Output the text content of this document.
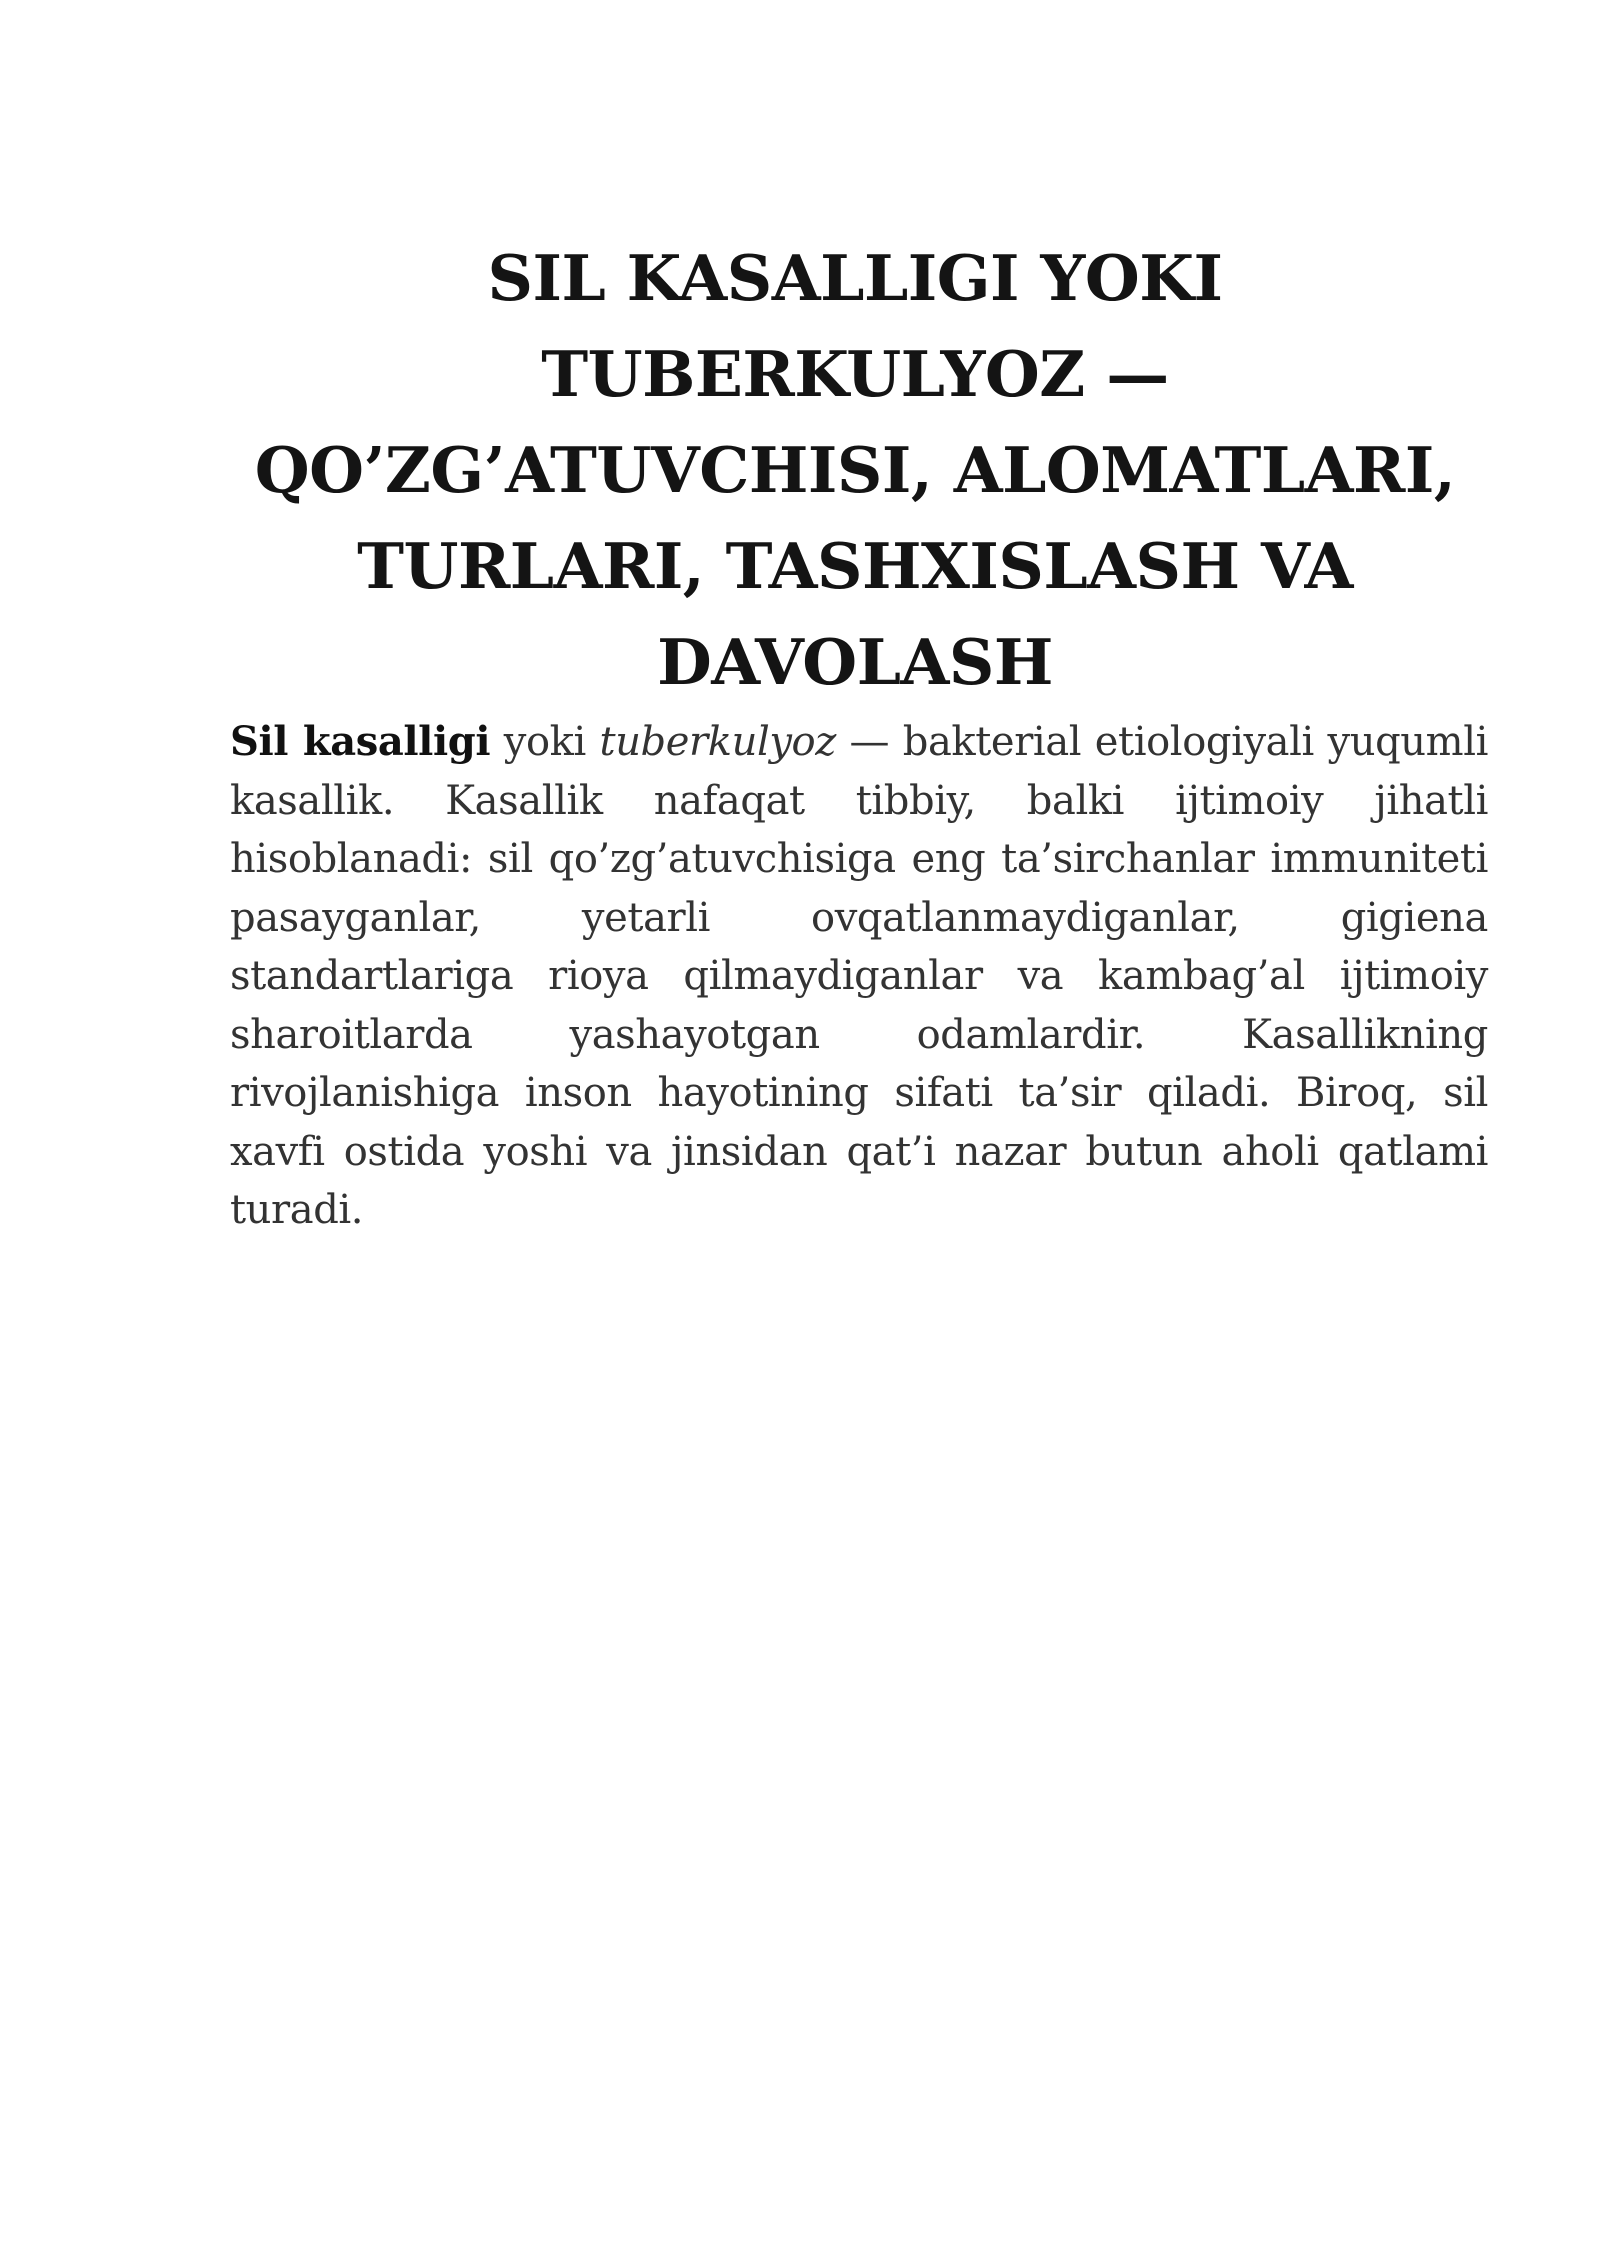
SIL KASALLIGI YOKI TUBERKULYOZ — QO’ZG’ATUVCHISI, ALOMATLARI, TURLARI, TASHXISLASH VA DAVOLASH

Sil kasalligi yoki tuberkulyoz — bakterial etiologiyali yuqumli kasallik. Kasallik nafaqat tibbiy, balki ijtimoiy jihatli hisoblanadi: sil qo’zg’atuvchisiga eng ta’sirchanlar immuniteti pasayganlar, yetarli ovqatlanmaydiganlar, gigiena standartlariga rioya qilmaydiganlar va kambag’al ijtimoiy sharoitlarda yashayotgan odamlardir. Kasallikning rivojlanishiga inson hayotining sifati ta’sir qiladi. Biroq, sil xavfi ostida yoshi va jinsidan qat’i nazar butun aholi qatlami turadi.
